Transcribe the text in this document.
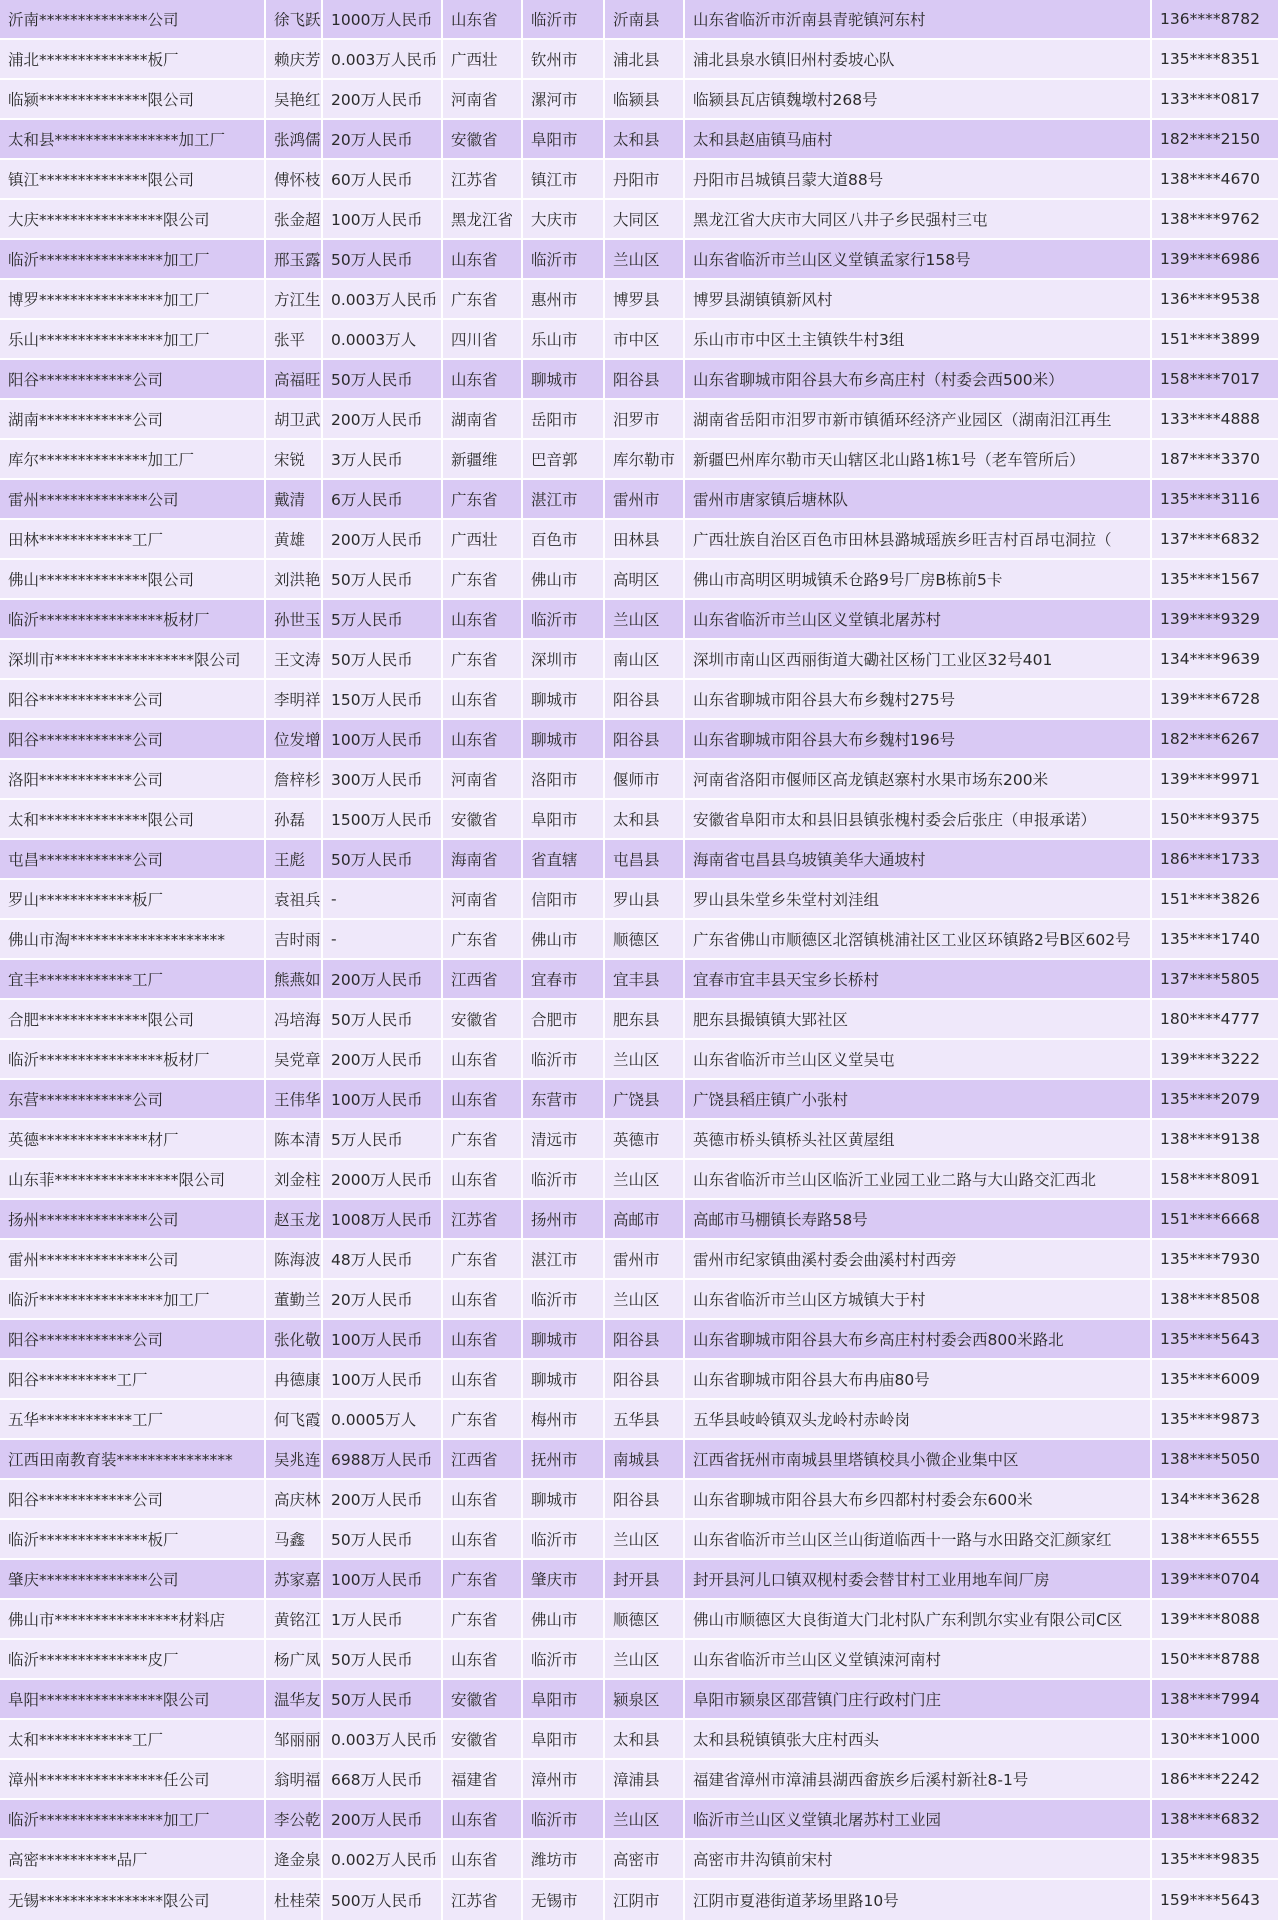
沂南**************公司	徐飞跃	1000万人民币	山东省	临沂市	沂南县	山东省临沂市沂南县青驼镇河东村	136****8782
浦北**************板厂	赖庆芳	0.003万人民币	广西壮	钦州市	浦北县	浦北县泉水镇旧州村委坡心队	135****8351
临颍**************限公司	吴艳红	200万人民币	河南省	漯河市	临颍县	临颍县瓦店镇魏墩村268号	133****0817
太和县****************加工厂	张鸿儒	20万人民币	安徽省	阜阳市	太和县	太和县赵庙镇马庙村	182****2150
镇江**************限公司	傅怀枝	60万人民币	江苏省	镇江市	丹阳市	丹阳市吕城镇吕蒙大道88号	138****4670
大庆****************限公司	张金超	100万人民币	黑龙江省	大庆市	大同区	黑龙江省大庆市大同区八井子乡民强村三屯	138****9762
临沂****************加工厂	邢玉露	50万人民币	山东省	临沂市	兰山区	山东省临沂市兰山区义堂镇孟家行158号	139****6986
博罗****************加工厂	方江生	0.003万人民币	广东省	惠州市	博罗县	博罗县湖镇镇新风村	136****9538
乐山****************加工厂	张平	0.0003万人	四川省	乐山市	市中区	乐山市市中区土主镇铁牛村3组	151****3899
阳谷************公司	高福旺	50万人民币	山东省	聊城市	阳谷县	山东省聊城市阳谷县大布乡高庄村（村委会西500米）	158****7017
湖南************公司	胡卫武	200万人民币	湖南省	岳阳市	汨罗市	湖南省岳阳市汨罗市新市镇循环经济产业园区（湖南汨江再生	133****4888
库尔**************加工厂	宋锐	3万人民币	新疆维	巴音郭	库尔勒市	新疆巴州库尔勒市天山辖区北山路1栋1号（老车管所后）	187****3370
雷州**************公司	戴清	6万人民币	广东省	湛江市	雷州市	雷州市唐家镇后塘林队	135****3116
田林************工厂	黄雄	200万人民币	广西壮	百色市	田林县	广西壮族自治区百色市田林县潞城瑶族乡旺吉村百昂屯洞拉（	137****6832
佛山**************限公司	刘洪艳	50万人民币	广东省	佛山市	高明区	佛山市高明区明城镇禾仓路9号厂房B栋前5卡	135****1567
临沂****************板材厂	孙世玉	5万人民币	山东省	临沂市	兰山区	山东省临沂市兰山区义堂镇北屠苏村	139****9329
深圳市******************限公司	王文涛	50万人民币	广东省	深圳市	南山区	深圳市南山区西丽街道大磡社区杨门工业区32号401	134****9639
阳谷************公司	李明祥	150万人民币	山东省	聊城市	阳谷县	山东省聊城市阳谷县大布乡魏村275号	139****6728
阳谷************公司	位发增	100万人民币	山东省	聊城市	阳谷县	山东省聊城市阳谷县大布乡魏村196号	182****6267
洛阳************公司	詹梓杉	300万人民币	河南省	洛阳市	偃师市	河南省洛阳市偃师区高龙镇赵寨村水果市场东200米	139****9971
太和**************限公司	孙磊	1500万人民币	安徽省	阜阳市	太和县	安徽省阜阳市太和县旧县镇张槐村委会后张庄（申报承诺）	150****9375
屯昌************公司	王彪	50万人民币	海南省	省直辖	屯昌县	海南省屯昌县乌坡镇美华大通坡村	186****1733
罗山************板厂	袁祖兵	-	河南省	信阳市	罗山县	罗山县朱堂乡朱堂村刘洼组	151****3826
佛山市淘********************	吉时雨	-	广东省	佛山市	顺德区	广东省佛山市顺德区北滘镇桃浦社区工业区环镇路2号B区602号	135****1740
宜丰************工厂	熊燕如	200万人民币	江西省	宜春市	宜丰县	宜春市宜丰县天宝乡长桥村	137****5805
合肥**************限公司	冯培海	50万人民币	安徽省	合肥市	肥东县	肥东县撮镇镇大郢社区	180****4777
临沂****************板材厂	吴党章	200万人民币	山东省	临沂市	兰山区	山东省临沂市兰山区义堂吴屯	139****3222
东营************公司	王伟华	100万人民币	山东省	东营市	广饶县	广饶县稻庄镇广小张村	135****2079
英德**************材厂	陈本清	5万人民币	广东省	清远市	英德市	英德市桥头镇桥头社区黄屋组	138****9138
山东菲****************限公司	刘金柱	2000万人民币	山东省	临沂市	兰山区	山东省临沂市兰山区临沂工业园工业二路与大山路交汇西北	158****8091
扬州**************公司	赵玉龙	1008万人民币	江苏省	扬州市	高邮市	高邮市马棚镇长寿路58号	151****6668
雷州**************公司	陈海波	48万人民币	广东省	湛江市	雷州市	雷州市纪家镇曲溪村委会曲溪村村西旁	135****7930
临沂****************加工厂	董勤兰	20万人民币	山东省	临沂市	兰山区	山东省临沂市兰山区方城镇大于村	138****8508
阳谷************公司	张化敬	100万人民币	山东省	聊城市	阳谷县	山东省聊城市阳谷县大布乡高庄村村委会西800米路北	135****5643
阳谷**********工厂	冉德康	100万人民币	山东省	聊城市	阳谷县	山东省聊城市阳谷县大布冉庙80号	135****6009
五华************工厂	何飞霞	0.0005万人	广东省	梅州市	五华县	五华县岐岭镇双头龙岭村赤岭岗	135****9873
江西田南教育装***************	吴兆连	6988万人民币	江西省	抚州市	南城县	江西省抚州市南城县里塔镇校具小微企业集中区	138****5050
阳谷************公司	高庆林	200万人民币	山东省	聊城市	阳谷县	山东省聊城市阳谷县大布乡四都村村委会东600米	134****3628
临沂**************板厂	马鑫	50万人民币	山东省	临沂市	兰山区	山东省临沂市兰山区兰山街道临西十一路与水田路交汇颜家红	138****6555
肇庆**************公司	苏家嘉	100万人民币	广东省	肇庆市	封开县	封开县河儿口镇双枧村委会替甘村工业用地车间厂房	139****0704
佛山市****************材料店	黄铭江	1万人民币	广东省	佛山市	顺德区	佛山市顺德区大良街道大门北村队广东利凯尔实业有限公司C区	139****8088
临沂**************皮厂	杨广凤	50万人民币	山东省	临沂市	兰山区	山东省临沂市兰山区义堂镇涑河南村	150****8788
阜阳****************限公司	温华友	50万人民币	安徽省	阜阳市	颍泉区	阜阳市颍泉区邵营镇门庄行政村门庄	138****7994
太和************工厂	邹丽丽	0.003万人民币	安徽省	阜阳市	太和县	太和县税镇镇张大庄村西头	130****1000
漳州****************任公司	翁明福	668万人民币	福建省	漳州市	漳浦县	福建省漳州市漳浦县湖西畲族乡后溪村新社8-1号	186****2242
临沂****************加工厂	李公乾	200万人民币	山东省	临沂市	兰山区	临沂市兰山区义堂镇北屠苏村工业园	138****6832
高密**********品厂	逄金泉	0.002万人民币	山东省	潍坊市	高密市	高密市井沟镇前宋村	135****9835
无锡****************限公司	杜桂荣	500万人民币	江苏省	无锡市	江阴市	江阴市夏港街道茅场里路10号	159****5643
